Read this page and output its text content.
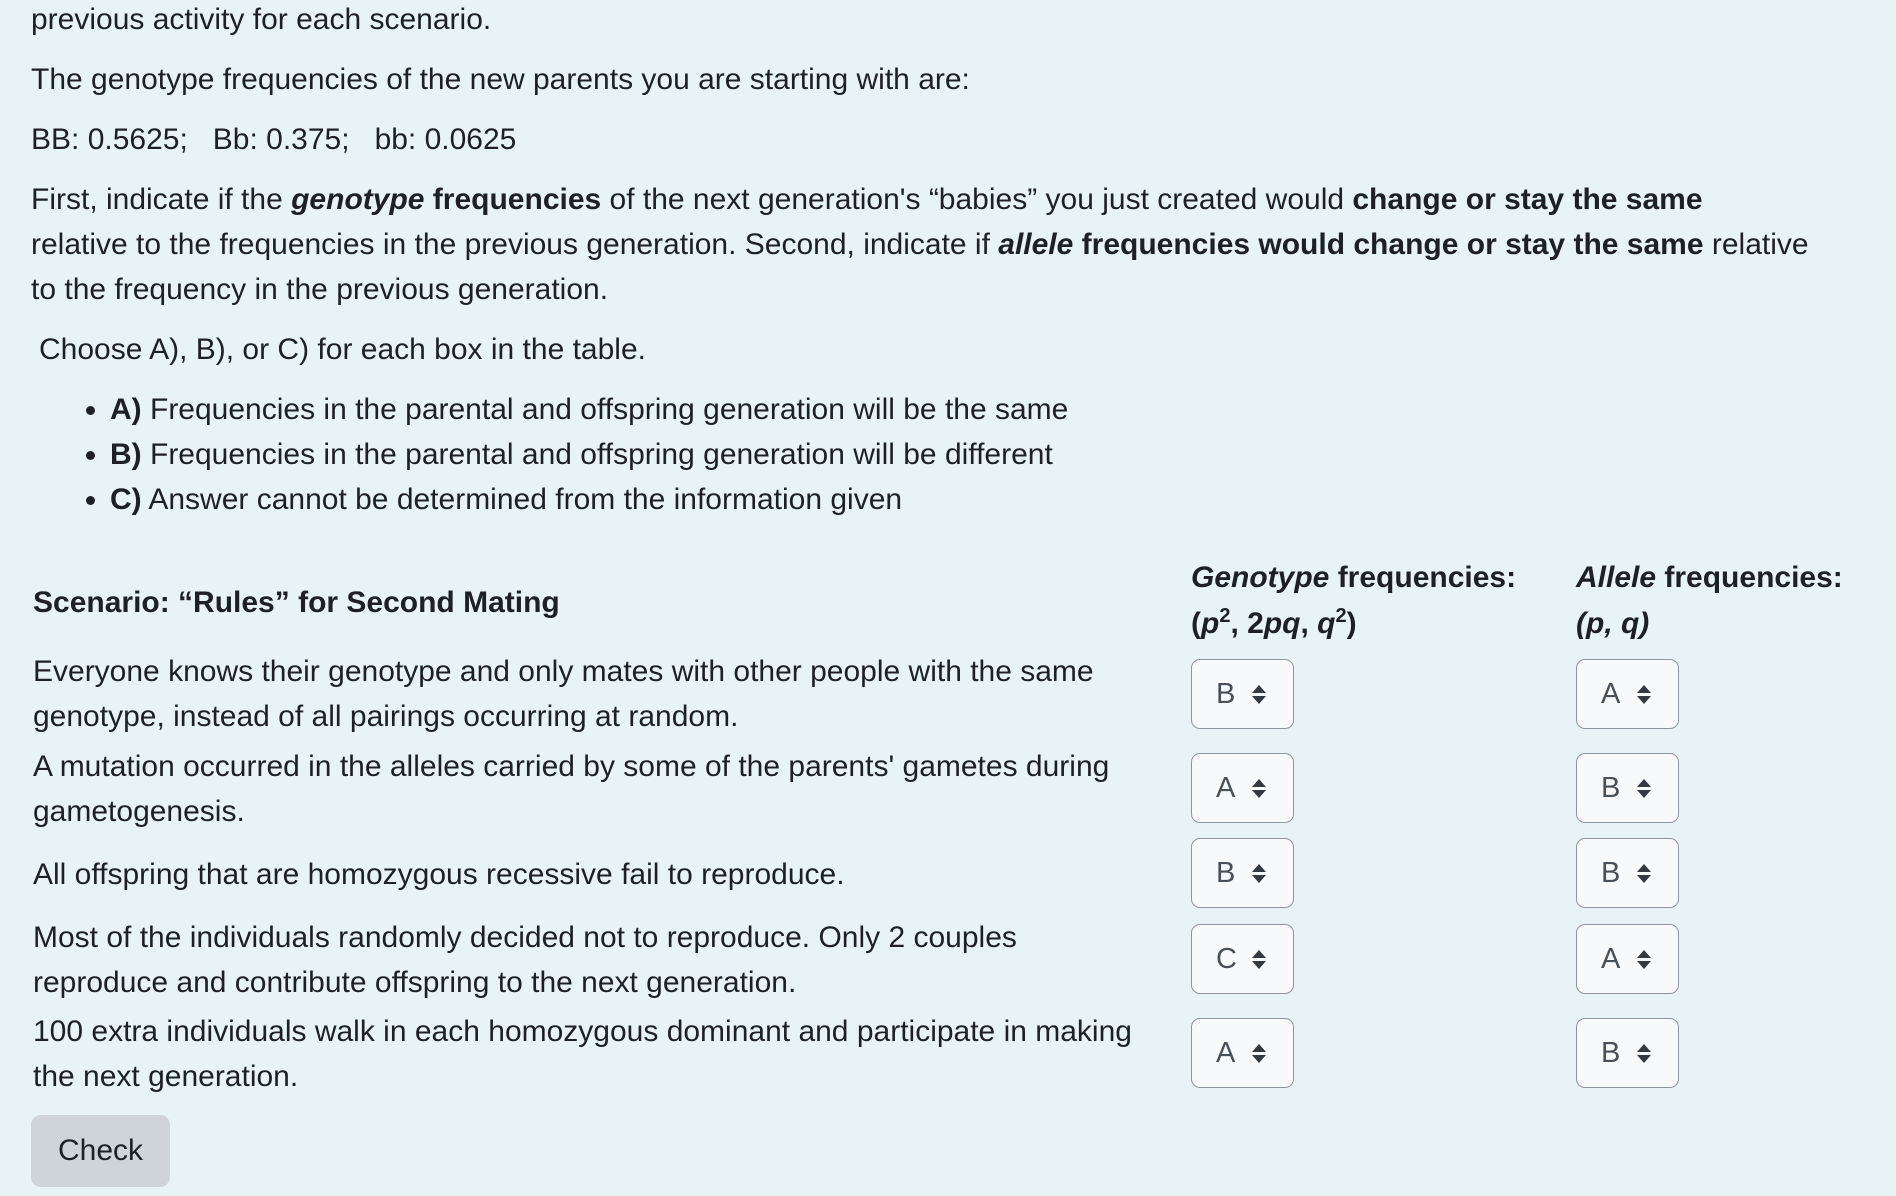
previous activity for each scenario.

The genotype frequencies of the new parents you are starting with are:

BB: 0.5625;   Bb: 0.375;   bb: 0.0625

First, indicate if the genotype frequencies of the next generation's “babies” you just created would change or stay the same
relative to the frequencies in the previous generation. Second, indicate if allele frequencies would change or stay the same relative
to the frequency in the previous generation.

Choose A), B), or C) for each box in the table.

• A) Frequencies in the parental and offspring generation will be the same
• B) Frequencies in the parental and offspring generation will be different
• C) Answer cannot be determined from the information given
Scenario: “Rules” for Second Mating
Genotype frequencies:
($p^2$, 2pq, $q^2$)
Allele frequencies:
(p, q)
Everyone knows their genotype and only mates with other people with the same
genotype, instead of all pairings occurring at random.
A mutation occurred in the alleles carried by some of the parents' gametes during
gametogenesis.
All offspring that are homozygous recessive fail to reproduce.
Most of the individuals randomly decided not to reproduce. Only 2 couples
reproduce and contribute offspring to the next generation.
100 extra individuals walk in each homozygous dominant and participate in making
the next generation.
B
A
B
C
A
A
B
B
A
B
Check
